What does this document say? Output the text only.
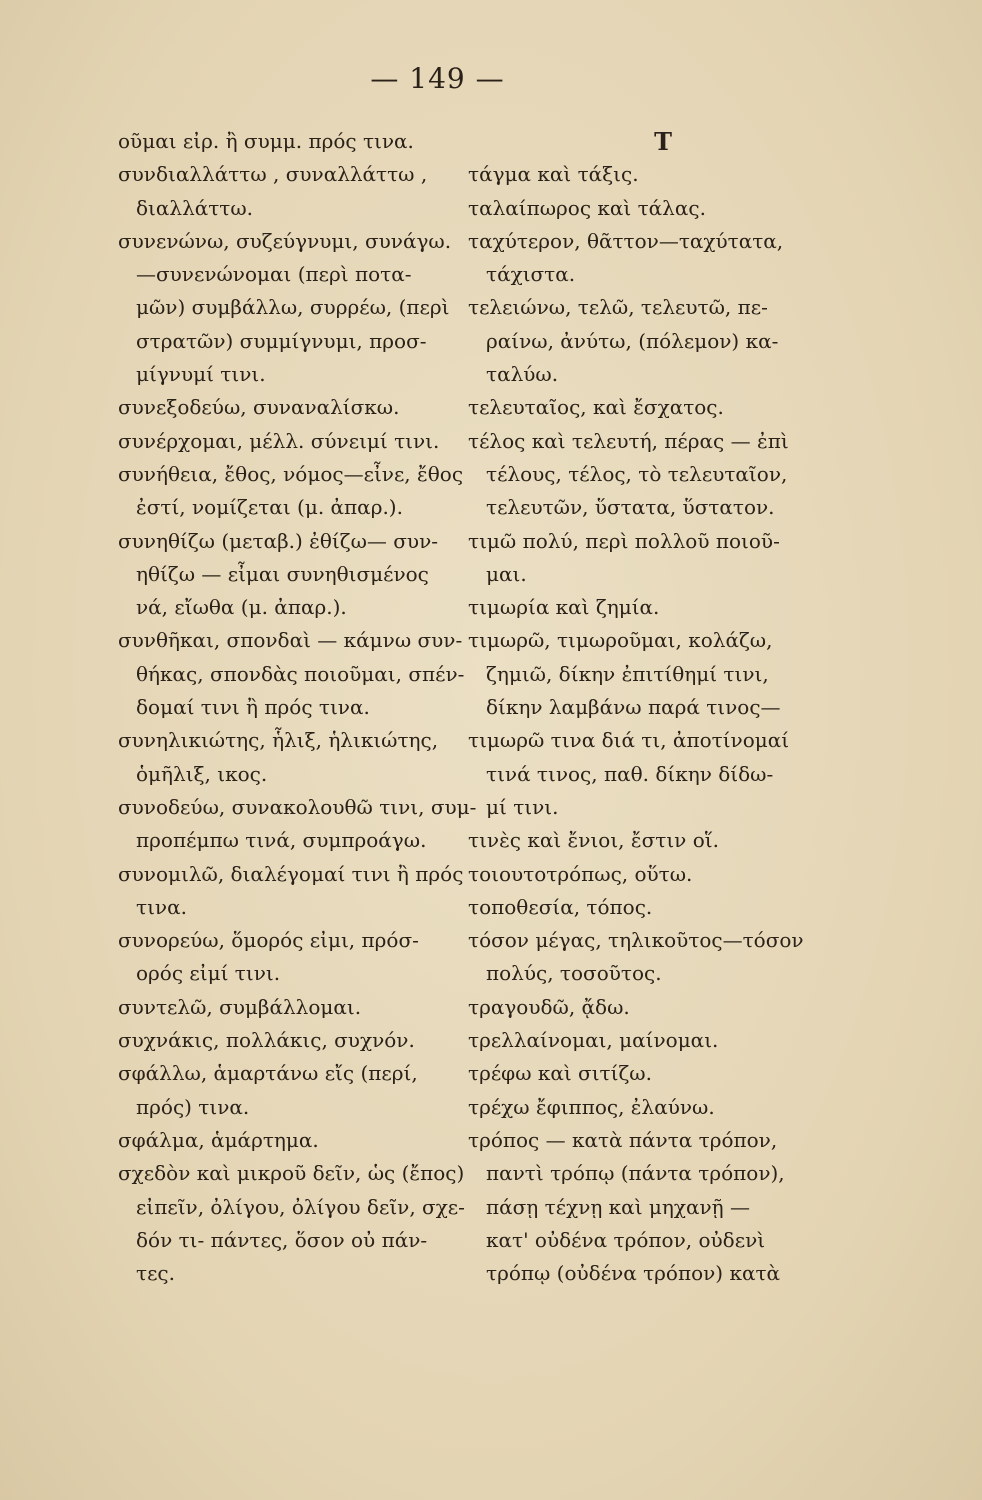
— 149 —
οῦμαι εἰρ. ἢ συμμ. πρός τινα.
συνδιαλλάττω , συναλλάττω ,
διαλλάττω.
συνενώνω, συζεύγνυμι, συνάγω.
—συνενώνομαι (περὶ ποτα-
μῶν) συμβάλλω, συρρέω, (περὶ
στρατῶν) συμμίγνυμι, προσ-
μίγνυμί τινι.
συνεξοδεύω, συναναλίσκω.
συνέρχομαι, μέλλ. σύνειμί τινι.
συνήθεια, ἔθος, νόμος—εἶνε, ἔθος
ἐστί, νομίζεται (μ. ἀπαρ.).
συνηθίζω (μεταβ.) ἐθίζω— συν-
ηθίζω — εἶμαι συνηθισμένος
νά, εἴωθα (μ. ἀπαρ.).
συνθῆκαι, σπονδαὶ — κάμνω συν-
θήκας, σπονδὰς ποιοῦμαι, σπέν-
δομαί τινι ἢ πρός τινα.
συνηλικιώτης, ἧλιξ, ἡλικιώτης,
ὁμῆλιξ, ικος.
συνοδεύω, συνακολουθῶ τινι, συμ-
προπέμπω τινά, συμπροάγω.
συνομιλῶ, διαλέγομαί τινι ἢ πρός
τινα.
συνορεύω, ὅμορός εἰμι, πρόσ-
ορός εἰμί τινι.
συντελῶ, συμβάλλομαι.
συχνάκις, πολλάκις, συχνόν.
σφάλλω, ἁμαρτάνω εἴς (περί,
πρός) τινα.
σφάλμα, ἁμάρτημα.
σχεδὸν καὶ μικροῦ δεῖν, ὡς (ἔπος)
εἰπεῖν, ὀλίγου, ὀλίγου δεῖν, σχε-
δόν τι- πάντες, ὅσον οὐ πάν-
τες.
T
τάγμα καὶ τάξις.
ταλαίπωρος καὶ τάλας.
ταχύτερον, θᾶττον—ταχύτατα,
τάχιστα.
τελειώνω, τελῶ, τελευτῶ, πε-
ραίνω, ἀνύτω, (πόλεμον) κα-
ταλύω.
τελευταῖος, καὶ ἔσχατος.
τέλος καὶ τελευτή, πέρας — ἐπὶ
τέλους, τέλος, τὸ τελευταῖον,
τελευτῶν, ὕστατα, ὕστατον.
τιμῶ πολύ, περὶ πολλοῦ ποιοῦ-
μαι.
τιμωρία καὶ ζημία.
τιμωρῶ, τιμωροῦμαι, κολάζω,
ζημιῶ, δίκην ἐπιτίθημί τινι,
δίκην λαμβάνω παρά τινος—
τιμωρῶ τινα διά τι, ἀποτίνομαί
τινά τινος, παθ. δίκην δίδω-
μί τινι.
τινὲς καὶ ἔνιοι, ἔστιν οἵ.
τοιουτοτρόπως, οὕτω.
τοποθεσία, τόπος.
τόσον μέγας, τηλικοῦτος—τόσον
πολύς, τοσοῦτος.
τραγουδῶ, ᾄδω.
τρελλαίνομαι, μαίνομαι.
τρέφω καὶ σιτίζω.
τρέχω ἔφιππος, ἐλαύνω.
τρόπος — κατὰ πάντα τρόπον,
παντὶ τρόπῳ (πάντα τρόπον),
πάσῃ τέχνῃ καὶ μηχανῇ —
κατ' οὐδένα τρόπον, οὐδενὶ
τρόπῳ (οὐδένα τρόπον) κατὰ
